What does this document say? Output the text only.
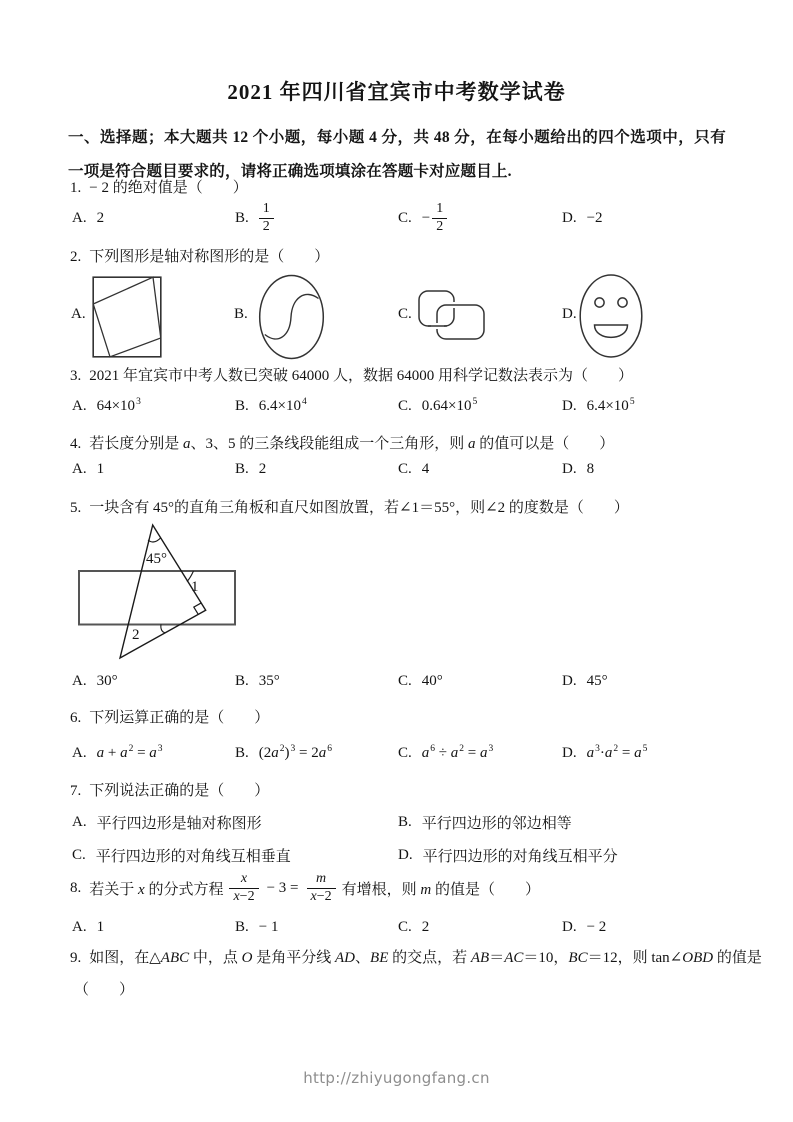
2021 年四川省宜宾市中考数学试卷

一、选择题；本大题共 12 个小题，每小题 4 分，共 48 分，在每小题给出的四个选项中，只有一项是符合题目要求的，请将正确选项填涂在答题卡对应题目上.

1. − 2 的绝对值是（　　）
A. 2	B. $\frac{1}{2}$	C. − $\frac{1}{2}$	D. −2
2. 下列图形是轴对称图形的是（　　）
A.	B.	C.	D.
3. 2021 年宜宾市中考人数已突破 64000 人，数据 64000 用科学记数法表示为（　　）
A. $64\times 10^3$	B. $6.4\times 10^4$	C. $0.64\times 10^5$	D. $6.4\times 10^5$
4. 若长度分别是 a、3、5 的三条线段能组成一个三角形，则 a 的值可以是（　　）
A. 1	B. 2	C. 4	D. 8
5. 一块含有 45°的直角三角板和直尺如图放置，若∠1＝55°，则∠2 的度数是（　　）
45°
1
2
A. 30°	B. 35°	C. 40°	D. 45°
6. 下列运算正确的是（　　）
A. $a + a^2 = a^3$	B. $(2a^2)^3 = 2a^6$	C. $a^6 \div a^2 = a^3$	D. $a^3\cdot a^2 = a^5$
7. 下列说法正确的是（　　）
A. 平行四边形是轴对称图形	B. 平行四边形的邻边相等
C. 平行四边形的对角线互相垂直	D. 平行四边形的对角线互相平分
8. 若关于 x 的分式方程 $\frac{x}{x-2} - 3 = \frac{m}{x-2}$ 有增根，则 m 的值是（　　）
A. 1	B. − 1	C. 2	D. − 2
9. 如图，在△ABC 中，点 O 是角平分线 AD、BE 的交点，若 AB＝AC＝10，BC＝12，则 tan∠OBD 的值是
（　　）
http://zhiyugongfang.cn
